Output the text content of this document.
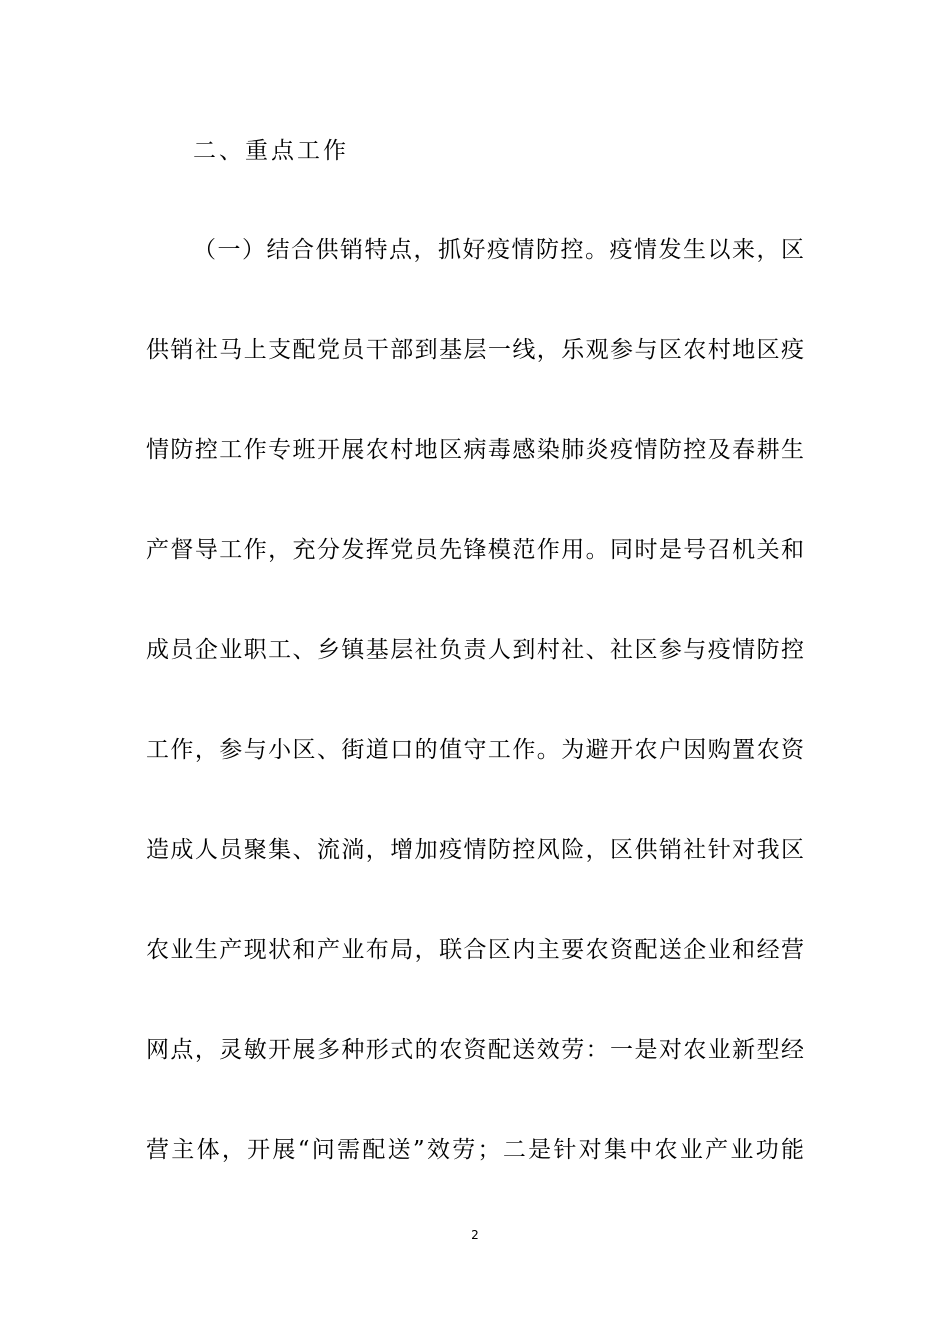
二、重点工作
（一）结合供销特点，抓好疫情防控。疫情发生以来，区
供销社马上支配党员干部到基层一线，乐观参与区农村地区疫
情防控工作专班开展农村地区病毒感染肺炎疫情防控及春耕生
产督导工作，充分发挥党员先锋模范作用。同时是号召机关和
成员企业职工、乡镇基层社负责人到村社、社区参与疫情防控
工作，参与小区、街道口的值守工作。为避开农户因购置农资
造成人员聚集、流淌，增加疫情防控风险，区供销社针对我区
农业生产现状和产业布局，联合区内主要农资配送企业和经营
网点，灵敏开展多种形式的农资配送效劳：一是对农业新型经
营主体，开展“问需配送”效劳；二是针对集中农业产业功能
2
